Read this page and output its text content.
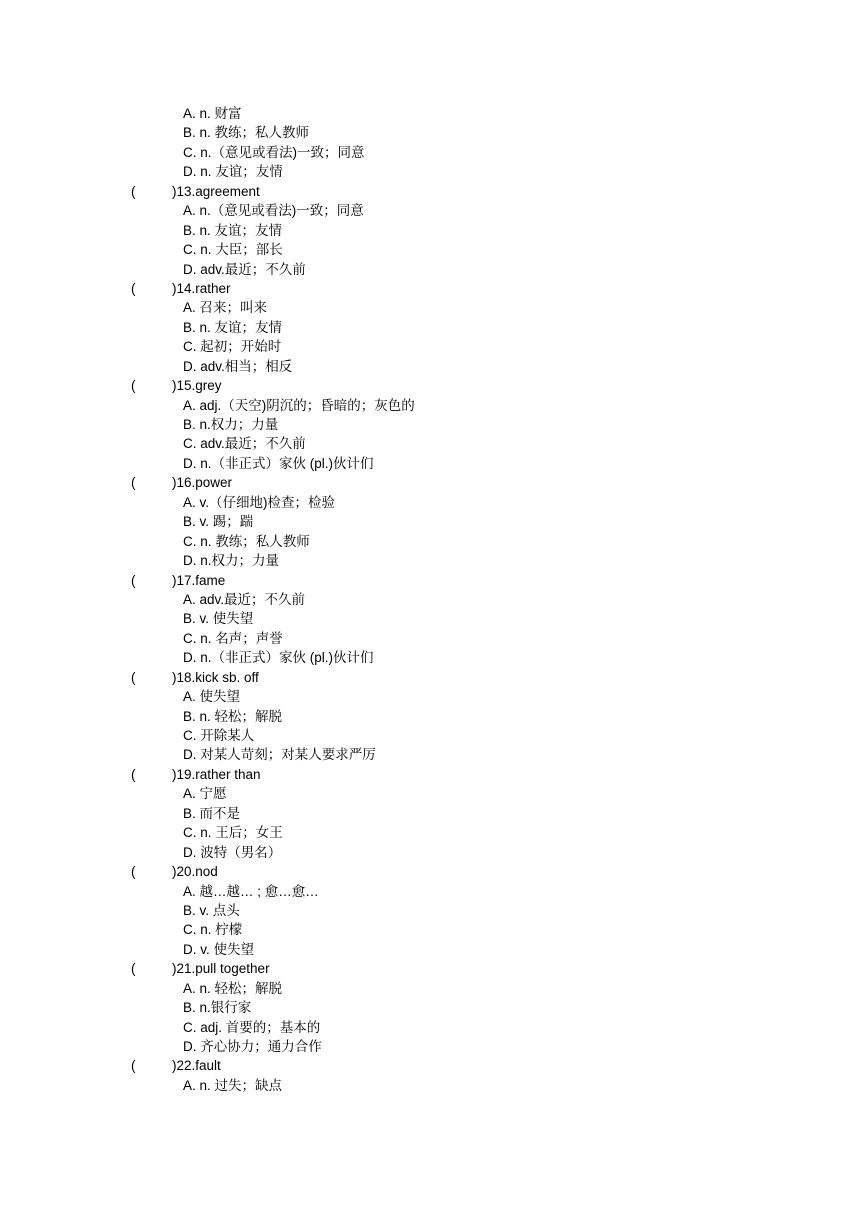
A. n. 财富
B. n. 教练；私人教师
C. n.（意见或看法)一致；同意
D. n. 友谊；友情
(	)13.agreement
A. n.（意见或看法)一致；同意
B. n. 友谊；友情
C. n. 大臣；部长
D. adv.最近；不久前
(	)14.rather
A. 召来；叫来
B. n. 友谊；友情
C. 起初；开始时
D. adv.相当；相反
(	)15.grey
A. adj.（天空)阴沉的；昏暗的；灰色的
B. n.权力；力量
C. adv.最近；不久前
D. n.（非正式）家伙 (pl.)伙计们
(	)16.power
A. v.（仔细地)检查；检验
B. v. 踢；踹
C. n. 教练；私人教师
D. n.权力；力量
(	)17.fame
A. adv.最近；不久前
B. v. 使失望
C. n. 名声；声誉
D. n.（非正式）家伙 (pl.)伙计们
(	)18.kick sb. off
A. 使失望
B. n. 轻松；解脱
C. 开除某人
D. 对某人苛刻；对某人要求严厉
(	)19.rather than
A. 宁愿
B. 而不是
C. n. 王后；女王
D. 波特（男名）
(	)20.nod
A. 越…越… ; 愈…愈…
B. v. 点头
C. n. 柠檬
D. v. 使失望
(	)21.pull together
A. n. 轻松；解脱
B. n.银行家
C. adj. 首要的；基本的
D. 齐心协力；通力合作
(	)22.fault
A. n. 过失；缺点
